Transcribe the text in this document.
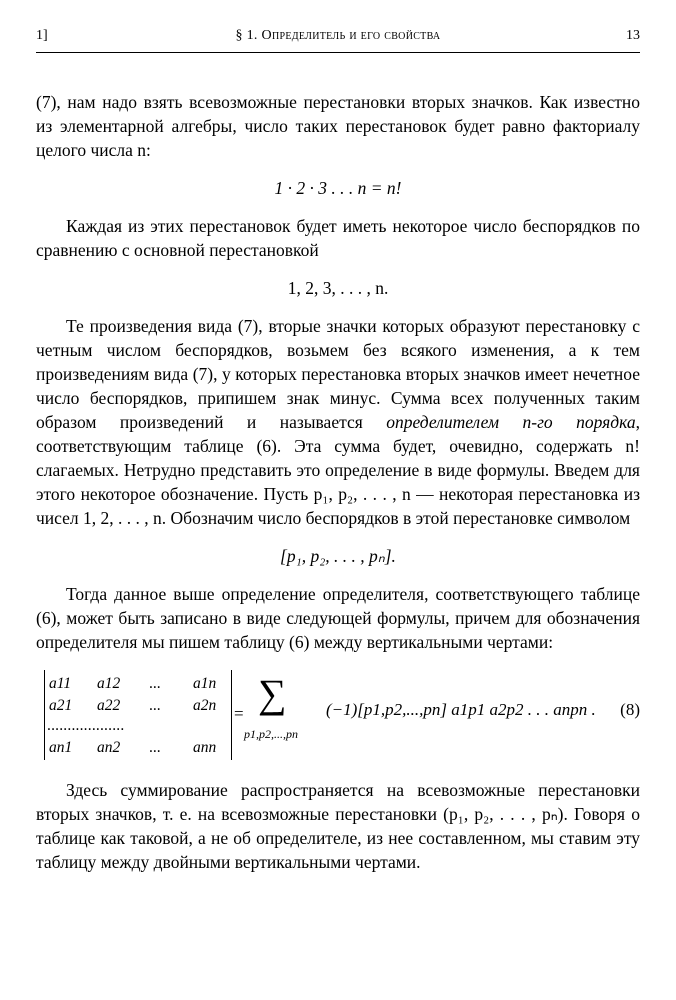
1]	§ 1. Определитель и его свойства	13

(7), нам надо взять всевозможные перестановки вторых значков. Как известно из элементарной алгебры, число таких перестановок будет равно факториалу целого числа n:

1 · 2 · 3 . . . n = n!

Каждая из этих перестановок будет иметь некоторое число беспорядков по сравнению с основной перестановкой

1, 2, 3, . . . , n.

Те произведения вида (7), вторые значки которых образуют перестановку с четным числом беспорядков, возьмем без всякого изменения, а к тем произведениям вида (7), у которых перестановка вторых значков имеет нечетное число беспорядков, припишем знак минус. Сумма всех полученных таким образом произведений и называется определителем n-го порядка, соответствующим таблице (6). Эта сумма будет, очевидно, содержать n! слагаемых. Нетрудно представить это определение в виде формулы. Введем для этого некоторое обозначение. Пусть p₁, p₂, . . . , n — некоторая перестановка из чисел 1, 2, . . . , n. Обозначим число беспорядков в этой перестановке символом

[p₁, p₂, . . . , pₙ].

Тогда данное выше определение определителя, соответствующего таблице (6), может быть записано в виде следующей формулы, причем для обозначения определителя мы пишем таблицу (6) между вертикальными чертами:

a11 a12 ... a1n
a21 a22 ... a2n
...................
an1 an2 ... ann
= ∑
p1,p2,...,pn
(−1)[p1,p2,...,pn] a1p1 a2p2 . . . anpn . (8)

Здесь суммирование распространяется на всевозможные перестановки вторых значков, т. е. на всевозможные перестановки (p₁, p₂, . . . , pₙ). Говоря о таблице как таковой, а не об определителе, из нее составленном, мы ставим эту таблицу между двойными вертикальными чертами.
